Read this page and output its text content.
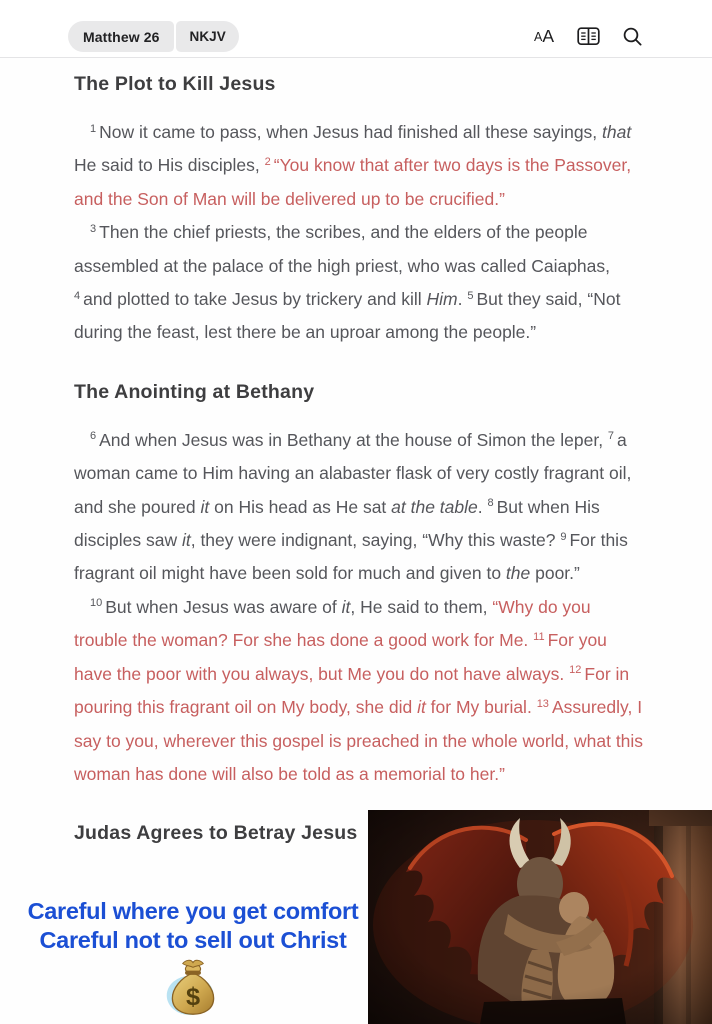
Matthew 26	NKJV	A A
The Plot to Kill Jesus

$^1$ Now it came to pass, when Jesus had finished all these sayings, that He said to His disciples, $^2$ “You know that after two days is the Passover, and the Son of Man will be delivered up to be crucified.”

$^3$ Then the chief priests, the scribes, and the elders of the people assembled at the palace of the high priest, who was called Caiaphas, $^4$ and plotted to take Jesus by trickery and kill Him. $^5$ But they said, “Not during the feast, lest there be an uproar among the people.”

The Anointing at Bethany

$^6$ And when Jesus was in Bethany at the house of Simon the leper, $^7$ a woman came to Him having an alabaster flask of very costly fragrant oil, and she poured it on His head as He sat at the table. $^8$ But when His disciples saw it, they were indignant, saying, “Why this waste? $^9$ For this fragrant oil might have been sold for much and given to the poor.”

$^{10}$ But when Jesus was aware of it, He said to them, “Why do you trouble the woman? For she has done a good work for Me. $^{11}$ For you have the poor with you always, but Me you do not have always. $^{12}$ For in pouring this fragrant oil on My body, she did it for My burial. $^{13}$ Assuredly, I say to you, wherever this gospel is preached in the whole world, what this woman has done will also be told as a memorial to her.”

Judas Agrees to Betray Jesus
Careful where you get comfort
Careful not to sell out Christ
$
